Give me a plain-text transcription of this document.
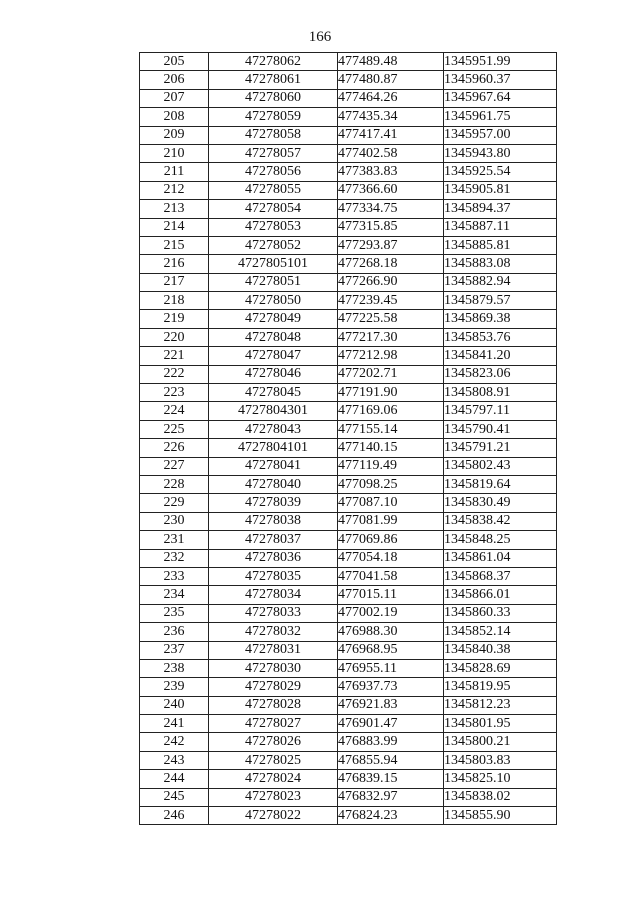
166
205	47278062	477489.48	1345951.99
206	47278061	477480.87	1345960.37
207	47278060	477464.26	1345967.64
208	47278059	477435.34	1345961.75
209	47278058	477417.41	1345957.00
210	47278057	477402.58	1345943.80
211	47278056	477383.83	1345925.54
212	47278055	477366.60	1345905.81
213	47278054	477334.75	1345894.37
214	47278053	477315.85	1345887.11
215	47278052	477293.87	1345885.81
216	4727805101	477268.18	1345883.08
217	47278051	477266.90	1345882.94
218	47278050	477239.45	1345879.57
219	47278049	477225.58	1345869.38
220	47278048	477217.30	1345853.76
221	47278047	477212.98	1345841.20
222	47278046	477202.71	1345823.06
223	47278045	477191.90	1345808.91
224	4727804301	477169.06	1345797.11
225	47278043	477155.14	1345790.41
226	4727804101	477140.15	1345791.21
227	47278041	477119.49	1345802.43
228	47278040	477098.25	1345819.64
229	47278039	477087.10	1345830.49
230	47278038	477081.99	1345838.42
231	47278037	477069.86	1345848.25
232	47278036	477054.18	1345861.04
233	47278035	477041.58	1345868.37
234	47278034	477015.11	1345866.01
235	47278033	477002.19	1345860.33
236	47278032	476988.30	1345852.14
237	47278031	476968.95	1345840.38
238	47278030	476955.11	1345828.69
239	47278029	476937.73	1345819.95
240	47278028	476921.83	1345812.23
241	47278027	476901.47	1345801.95
242	47278026	476883.99	1345800.21
243	47278025	476855.94	1345803.83
244	47278024	476839.15	1345825.10
245	47278023	476832.97	1345838.02
246	47278022	476824.23	1345855.90
